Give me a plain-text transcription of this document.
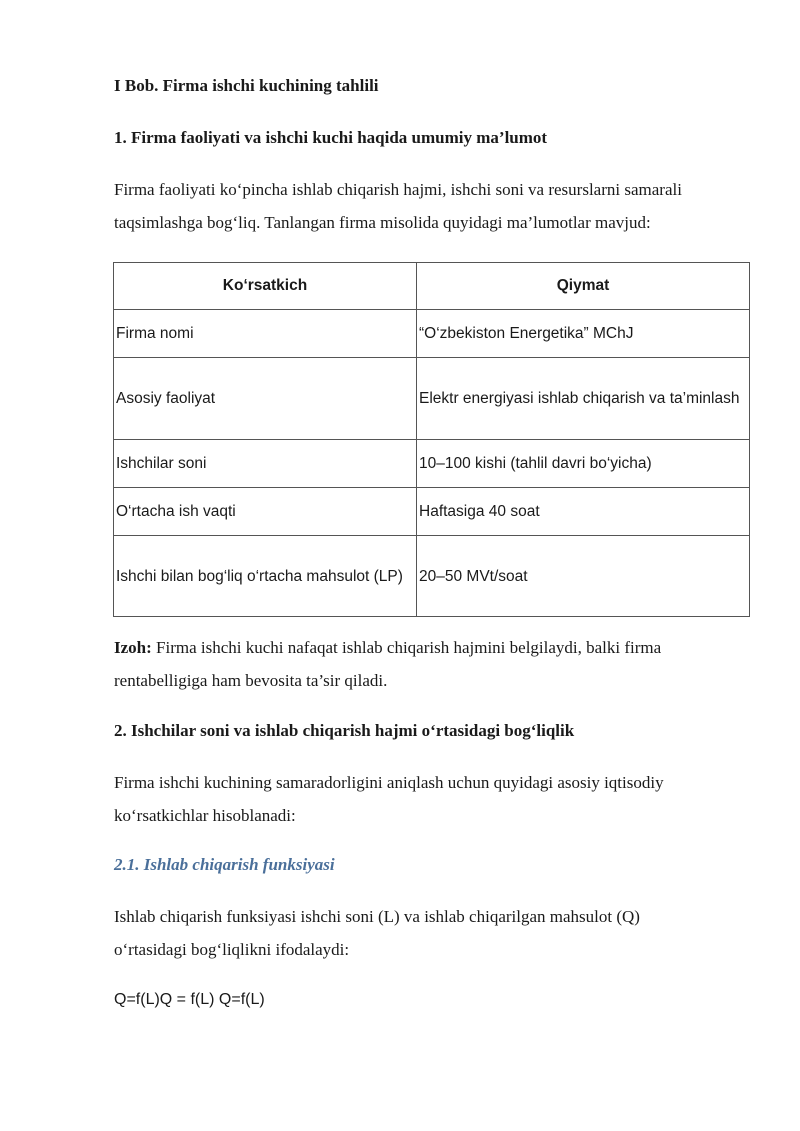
I Bob. Firma ishchi kuchining tahlili
1. Firma faoliyati va ishchi kuchi haqida umumiy ma’lumot
Firma faoliyati ko‘pincha ishlab chiqarish hajmi, ishchi soni va resurslarni samarali
taqsimlashga bog‘liq. Tanlangan firma misolida quyidagi ma’lumotlar mavjud:
Ko‘rsatkich	Qiymat
Firma nomi	“O‘zbekiston Energetika” MChJ
Asosiy faoliyat	Elektr energiyasi ishlab chiqarish va ta’minlash
Ishchilar soni	10–100 kishi (tahlil davri bo‘yicha)
O‘rtacha ish vaqti	Haftasiga 40 soat
Ishchi bilan bog‘liq o‘rtacha mahsulot (LP)	20–50 MVt/soat
Izoh: Firma ishchi kuchi nafaqat ishlab chiqarish hajmini belgilaydi, balki firma
rentabelligiga ham bevosita ta’sir qiladi.
2. Ishchilar soni va ishlab chiqarish hajmi o‘rtasidagi bog‘liqlik
Firma ishchi kuchining samaradorligini aniqlash uchun quyidagi asosiy iqtisodiy
ko‘rsatkichlar hisoblanadi:
2.1. Ishlab chiqarish funksiyasi
Ishlab chiqarish funksiyasi ishchi soni (L) va ishlab chiqarilgan mahsulot (Q)
o‘rtasidagi bog‘liqlikni ifodalaydi:
Q=f(L)Q = f(L) Q=f(L)
